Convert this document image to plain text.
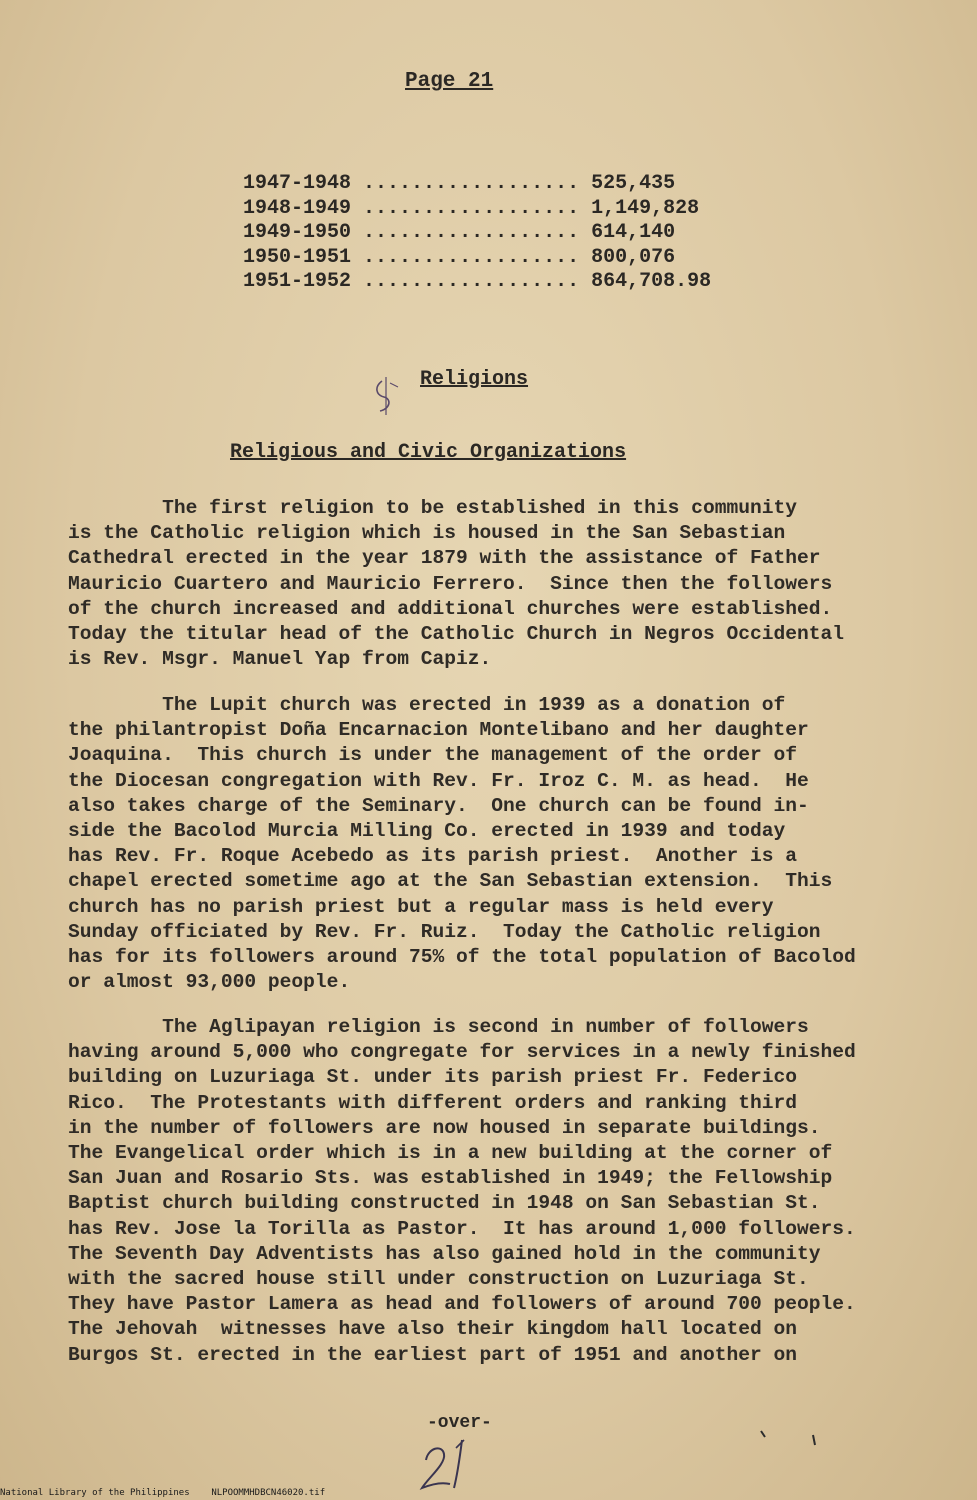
Page 21
1947-1948 .................. 525,435
1948-1949 .................. 1,149,828
1949-1950 .................. 614,140
1950-1951 .................. 800,076
1951-1952 .................. 864,708.98
Religions
Religious and Civic Organizations
The first religion to be established in this community
is the Catholic religion which is housed in the San Sebastian
Cathedral erected in the year 1879 with the assistance of Father
Mauricio Cuartero and Mauricio Ferrero.  Since then the followers
of the church increased and additional churches were established.
Today the titular head of the Catholic Church in Negros Occidental
is Rev. Msgr. Manuel Yap from Capiz.
The Lupit church was erected in 1939 as a donation of
the philantropist Doña Encarnacion Montelibano and her daughter
Joaquina.  This church is under the management of the order of
the Diocesan congregation with Rev. Fr. Iroz C. M. as head.  He
also takes charge of the Seminary.  One church can be found in-
side the Bacolod Murcia Milling Co. erected in 1939 and today
has Rev. Fr. Roque Acebedo as its parish priest.  Another is a
chapel erected sometime ago at the San Sebastian extension.  This
church has no parish priest but a regular mass is held every
Sunday officiated by Rev. Fr. Ruiz.  Today the Catholic religion
has for its followers around 75% of the total population of Bacolod
or almost 93,000 people.
The Aglipayan religion is second in number of followers
having around 5,000 who congregate for services in a newly finished
building on Luzuriaga St. under its parish priest Fr. Federico
Rico.  The Protestants with different orders and ranking third
in the number of followers are now housed in separate buildings.
The Evangelical order which is in a new building at the corner of
San Juan and Rosario Sts. was established in 1949; the Fellowship
Baptist church building constructed in 1948 on San Sebastian St.
has Rev. Jose la Torilla as Pastor.  It has around 1,000 followers.
The Seventh Day Adventists has also gained hold in the community
with the sacred house still under construction on Luzuriaga St.
They have Pastor Lamera as head and followers of around 700 people.
The Jehovah  witnesses have also their kingdom hall located on
Burgos St. erected in the earliest part of 1951 and another on
-over-
National Library of the Philippines    NLPOOMMHDBCN46020.tif
